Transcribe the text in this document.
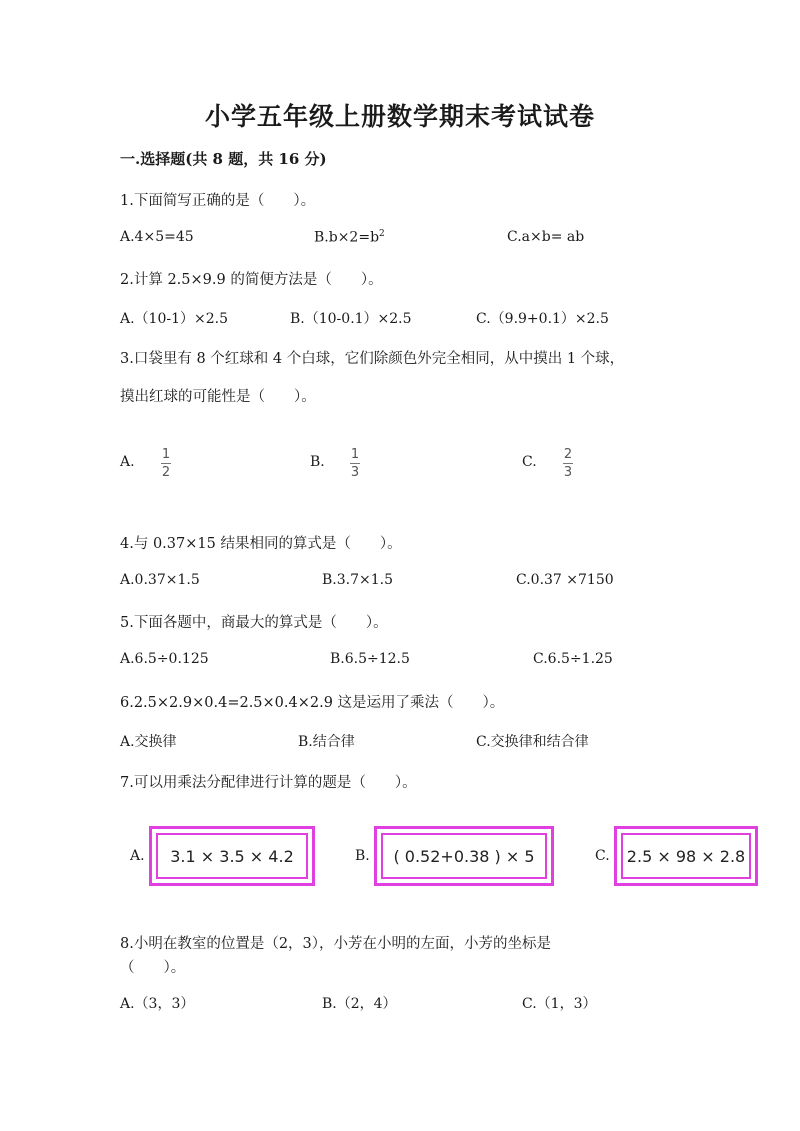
小学五年级上册数学期末考试试卷
一.选择题(共 8 题，共 16 分)
1.下面简写正确的是（　　）。
A.4×5=45	$B.b\times 2=b^2$	C.a×b= ab
2.计算 2.5×9.9 的简便方法是（　　）。
A.（10-1）×2.5	B.（10-0.1）×2.5	C.（9.9+0.1）×2.5
3.口袋里有 8 个红球和 4 个白球，它们除颜色外完全相同，从中摸出 1 个球，
摸出红球的可能性是（　　）。
A. 1
2
B. 1
3
C. 2
3
4.与 0.37×15 结果相同的算式是（　　）。
A.0.37×1.5	B.3.7×1.5	C.0.37 ×7150
5.下面各题中，商最大的算式是（　　）。
A.6.5÷0.125	B.6.5÷12.5	C.6.5÷1.25
6.2.5×2.9×0.4=2.5×0.4×2.9 这是运用了乘法（　　）。
A.交换律	B.结合律	C.交换律和结合律
7.可以用乘法分配律进行计算的题是（　　）。
A. 3.1 × 3.5 × 4.2	B. ( 0.52+0.38 ) × 5	C. 2.5 × 98 × 2.8
8.小明在教室的位置是（2，3），小芳在小明的左面，小芳的坐标是
（　　）。
A.（3，3）	B.（2，4）	C.（1，3）
